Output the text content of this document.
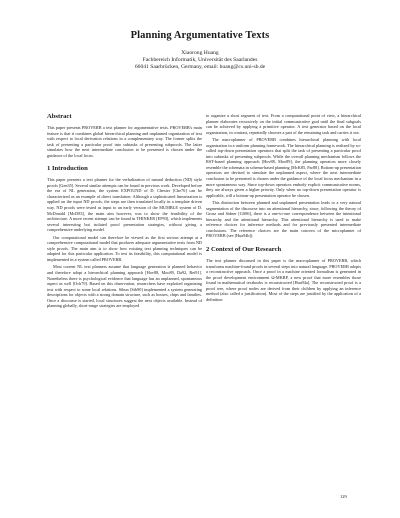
Planning Argumentative Texts
Xiaorong Huang
Fachbereich Informatik, Universität des Saarlandes
66041 Saarbrücken, Germany, email: huang@cs.uni-sb.de
Abstract

This paper presents PROVERB a text planner for argumentative texts. PROVERB's main feature is that it combines global hierarchical planning and unplanned organization of text with respect to local derivation relations in a complementary way. The former splits the task of presenting a particular proof into subtasks of presenting subproofs. The latter simulates how the next intermediate conclusion to be presented is chosen under the guidance of the local focus.

1 Introduction

This paper presents a text planner for the verbalization of natural deduction (ND) style proofs [Gen35]. Several similar attempts can be found in previous work. Developed before the era of NL generation, the system EXPOUND of D. Chester [Che76] can be characterized as an example of direct translation: Although a sophisticated linearization is applied on the input ND proofs, the steps are then translated locally in a template driven way. ND proofs were tested as input to an early version of the MUMBLE system of D. McDonald [McD83], the main aim however, was to show the feasibility of the architecture. A more recent attempt can be found in THINKER [EP93], which implements several interesting but isolated proof presentation strategies, without giving a comprehensive underlying model.

Our computational model can therefore be viewed as the first serious attempt at a comprehensive computational model that produces adequate argumentative texts from ND style proofs. The main aim is to show how existing text planning techniques can be adapted for this particular application. To test its feasibility, this computational model is implemented in a system called PROVERB.

Most current NL text planners assume that language generation is planned behavior and therefore adopt a hierarchical planning approach [Hov88, Moo89, Da92, Rei91]. Nonetheless there is psychological evidence that language has an unplanned, spontaneous aspect as well [Och79]. Based on this observation, researchers have exploited organizing text with respect to some local relations. Sibun [Sib90] implemented a system generating descriptions for objects with a strong domain structure, such as houses, chips and families. Once a discourse is started, local structures suggest the next objects available. Instead of planning globally, short-range strategies are employed

to organize a short segment of text. From a computational point of view, a hierarchical planner elaborates recursively on the initial communicative goal until the final subgoals can be achieved by applying a primitive operator. A text generator based on the local organization, in contrast, repeatedly chooses a part of the remaining task and carries it out.

The macroplanner of PROVERB combines hierarchical planning with local organization in a uniform planning framework. The hierarchical planning is realized by so-called top-down presentation operators that split the task of presenting a particular proof into subtasks of presenting subproofs. While the overall planning mechanism follows the RST-based planning approach [Hov88, Moo89], the planning operators more closely resemble the schemata in schema-based planning [McK85, Par88]. Bottom-up presentation operators are devised to simulate the unplanned aspect, where the next intermediate conclusion to be presented is chosen under the guidance of the local focus mechanism in a more spontaneous way. Since top-down operators embody explicit communicative norms, they are always given a higher priority. Only when no top-down presentation operator is applicable, will a bottom-up presentation operator be chosen.

This distinction between planned and unplanned presentation leads to a very natural segmentation of the discourse into an attentional hierarchy, since, following the theory of Grosz and Sidner [GS86], there is a one-to-one correspondence between the intentional hierarchy and the attentional hierarchy. This attentional hierarchy is used to make reference choices for inference methods and for previously presented intermediate conclusions. The reference choices are the main concern of the microplanner of PROVERB (see [Hua94b]).

2 Context of Our Research

The text planner discussed in this paper is the macroplanner of PROVERB, which transforms machine-found proofs in several steps into natural language. PROVERB adopts a reconstructive approach. Once a proof in a machine oriented formalism is generated in the proof development environment Ω-MKRP, a new proof that more resembles those found in mathematical textbooks is reconstructed [Hua94a]. The reconstructed proof is a proof tree, where proof nodes are derived from their children by applying an inference method (also called a justification). Most of the steps are justified by the application of a definition

129
